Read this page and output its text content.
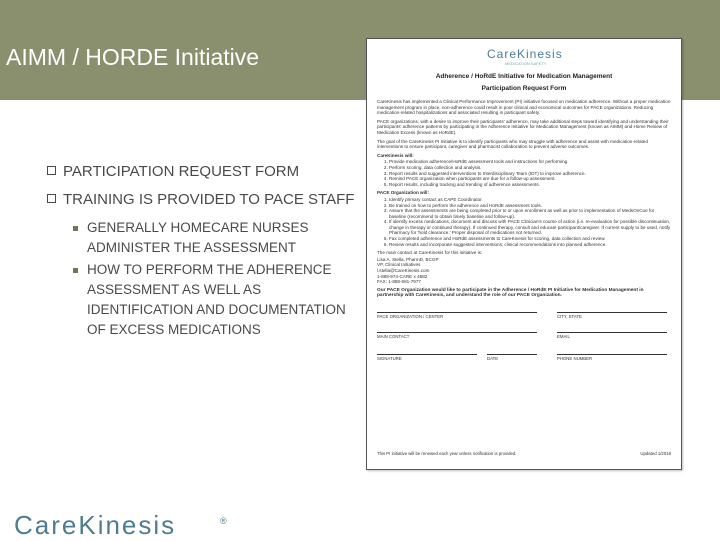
AIMM / HORDE Initiative
PARTICIPATION REQUEST FORM
TRAINING IS PROVIDED TO PACE STAFF
GENERALLY HOMECARE NURSES ADMINISTER THE ASSESSMENT
HOW TO PERFORM THE ADHERENCE ASSESSMENT AS WELL AS IDENTIFICATION AND DOCUMENTATION OF EXCESS MEDICATIONS
CareKinesis
MEDICATION SAFETY
Adherence / HoRdE Initiative for Medication Management
Participation Request Form

CareKinesis has implemented a Clinical Performance Improvement (PI) initiative focused on medication adherence. Without a proper medication management program in place, non-adherence could result in poor clinical and economical outcomes for PACE organizations. Reducing medication-related hospitalizations and associated resulting in participant safety.

PACE organizations, with a desire to improve their participants' adherence, may take additional steps toward identifying and understanding their participants' adherence patterns by participating in the Adherence Initiative for Medication Management (known as AIMM) and Home Review of Medication Excess (known as HoRdE).

The goal of the CareKinesis PI Initiative is to identify participants who may struggle with adherence and assist with medication-related interventions to ensure participant, caregiver and pharmacist collaboration to prevent adverse outcomes.

CareKinesis will:
1. Provide medication adherence/HoRdE assessment tools and instructions for performing.
2. Perform scoring, data collection and analysis.
3. Report results and suggested interventions to Interdisciplinary Team (IDT) to improve adherence.
4. Remind PACE organization when participants are due for a follow-up assessment.
5. Report results, including tracking and trending of adherence assessments.
PACE Organization will:
1. Identify primary contact as CAPE Coordinator.
2. Be trained on how to perform the adherence and HoRdE assessment tools.
3. Assure that the assessments are being completed prior to or upon enrollment as well as prior to implementation of MedsOnCue for baseline (recommend to obtain timely baseline and follow-up).
4. If identify excess medications, document and discuss with PACE Clinician's course of action (i.e. re-evaluation for possible discontinuation, change in therapy or continued therapy). If continued therapy, consult and educate participant/caregiver. If current supply to be used, notify Pharmacy for 'hold clearance.' Proper disposal of medications not returned.
5. Fax completed adherence and HoRdE assessments to CareKinesis for scoring, data collection and review.
6. Review results and incorporate suggested interventions; clinical recommendations into planned adherence.

The main contact at CareKinesis for this initiative is:

Lisa A. Stella, PharmD, BCGP
VP, Clinical Initiatives
l.stella@CareKinesis.com
1-888-974-CARE x 4882
FAX: 1-888-581-7977

Our PACE Organization would like to participate in the Adherence / HoRdE PI Initiative for Medication Management in partnership with CareKinesis, and understand the role of our PACE Organization.

PACE ORGANIZATION / CENTER	CITY, STATE
MAIN CONTACT	EMAIL
SIGNATURE	DATE	PHONE NUMBER
This PI initiative will be renewed each year unless notification is provided.	Updated 1/2018
CareKinesis	®
